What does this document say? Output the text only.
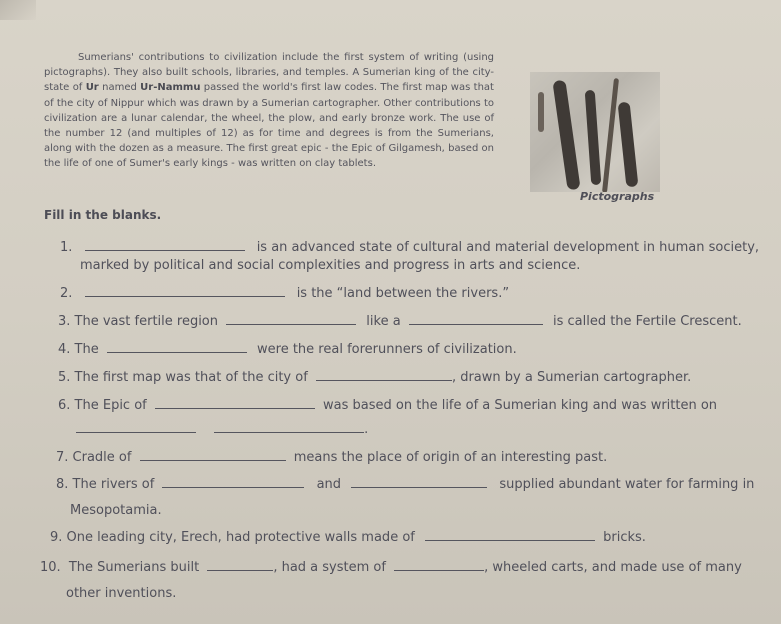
Sumerians' contributions to civilization include the first system of writing (using pictographs). They also built schools, libraries, and temples. A Sumerian king of the city-state of Ur named Ur-Nammu passed the world's first law codes. The first map was that of the city of Nippur which was drawn by a Sumerian cartographer. Other contributions to civilization are a lunar calendar, the wheel, the plow, and early bronze work. The use of the number 12 (and multiples of 12) as for time and degrees is from the Sumerians, along with the dozen as a measure. The first great epic - the Epic of Gilgamesh, based on the life of one of Sumer's early kings - was written on clay tablets.
Pictographs
Fill in the blanks.
1.	is an advanced state of cultural and material development in human society,
marked by political and social complexities and progress in arts and science.
2.	is the “land between the rivers.”
3. The vast fertile region	like a	is called the Fertile Crescent.
4. The	were the real forerunners of civilization.
5. The first map was that of the city of	, drawn by a Sumerian cartographer.
6. The Epic of	was based on the life of a Sumerian king and was written on
.
7. Cradle of	means the place of origin of an interesting past.
8. The rivers of	and	supplied abundant water for farming in
Mesopotamia.
9. One leading city, Erech, had protective walls made of	bricks.
10. The Sumerians built	, had a system of	, wheeled carts, and made use of many
other inventions.
